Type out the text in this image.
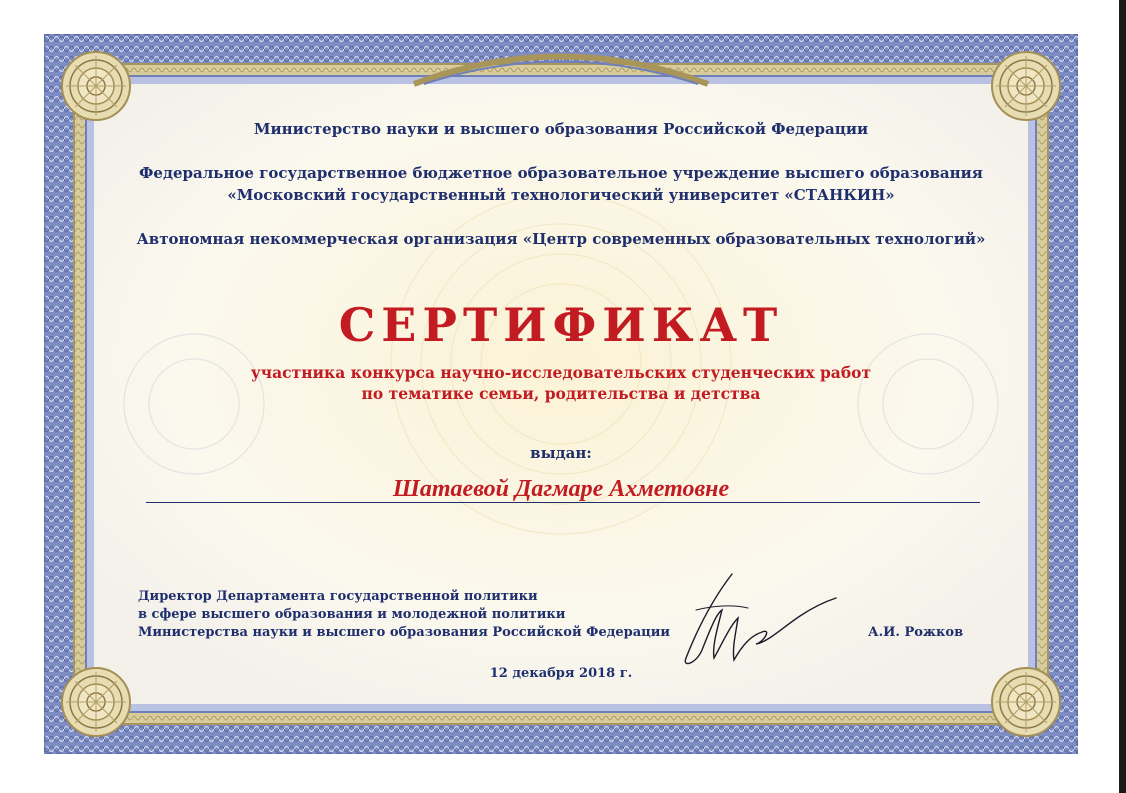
Министерство науки и высшего образования Российской Федерации
Федеральное государственное бюджетное образовательное учреждение высшего образования
«Московский государственный технологический университет «СТАНКИН»
Автономная некоммерческая организация «Центр современных образовательных технологий»
СЕРТИФИКАТ
участника конкурса научно-исследовательских студенческих работ
по тематике семьи, родительства и детства
выдан:
Шатаевой Дагмаре Ахметовне
Директор Департамента государственной политики
в сфере высшего образования и молодежной политики
Министерства науки и высшего образования Российской Федерации	А.И. Рожков
12 декабря 2018 г.
